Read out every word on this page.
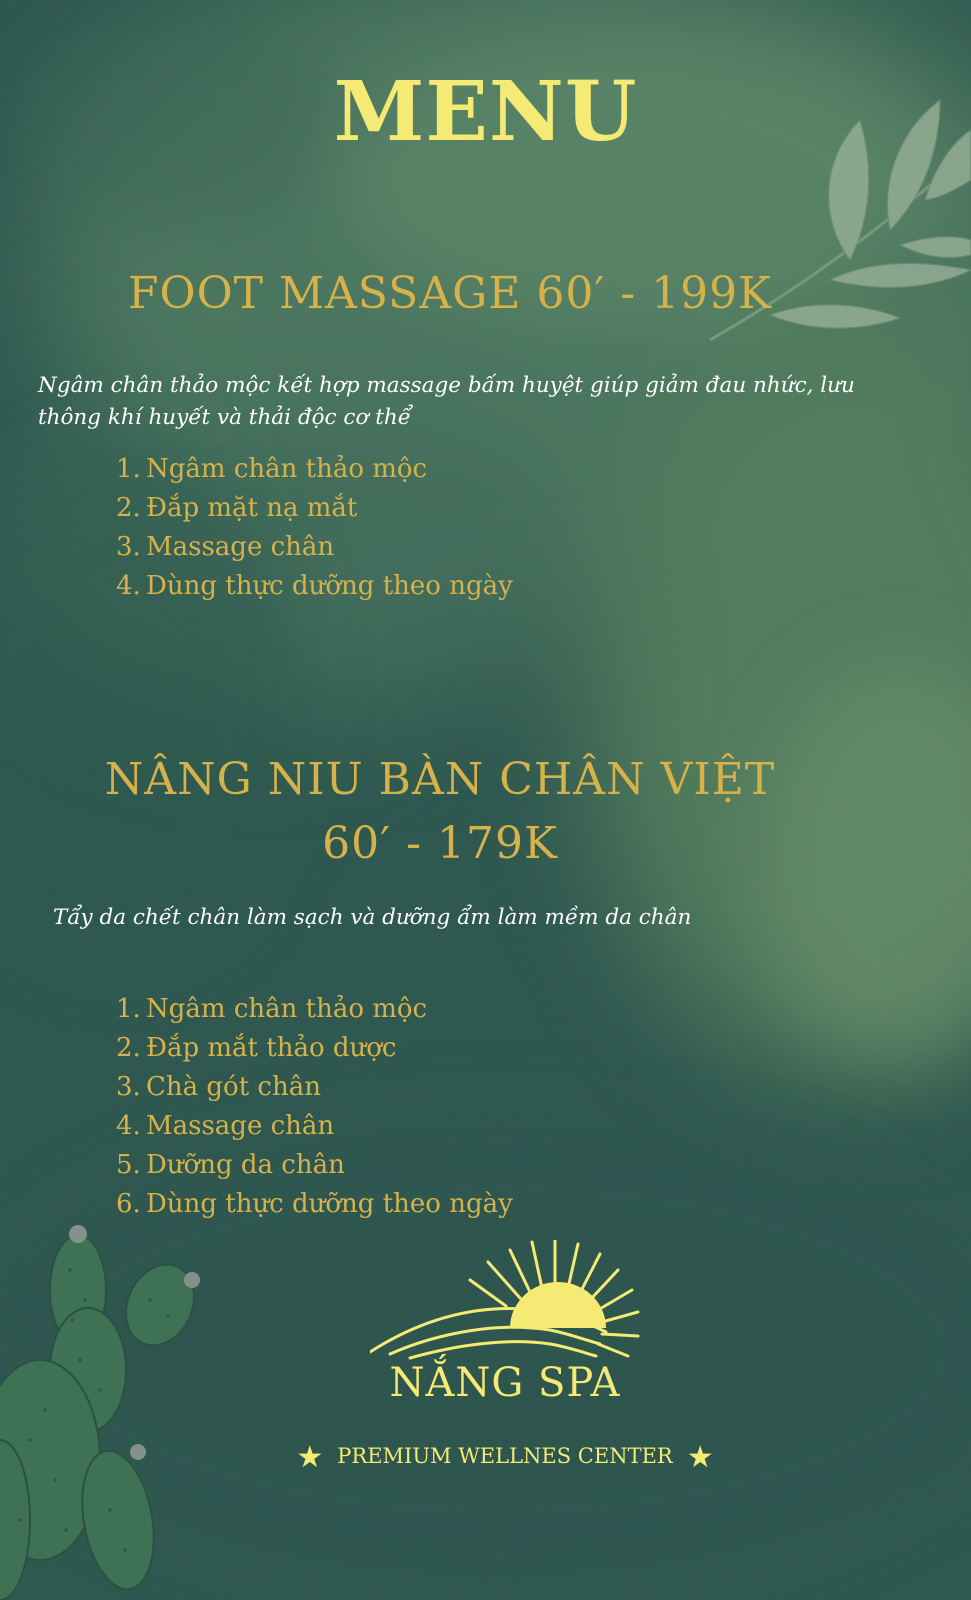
MENU
FOOT MASSAGE 60′ - 199K
Ngâm chân thảo mộc kết hợp massage bấm huyệt giúp giảm đau nhức, lưu
thông khí huyết và thải độc cơ thể
1. Ngâm chân thảo mộc
2. Đắp mặt nạ mắt
3. Massage chân
4. Dùng thực dưỡng theo ngày
NÂNG NIU BÀN CHÂN VIỆT
60′ - 179K
Tẩy da chết chân làm sạch và dưỡng ẩm làm mềm da chân
1. Ngâm chân thảo mộc
2. Đắp mắt thảo dược
3. Chà gót chân
4. Massage chân
5. Dưỡng da chân
6. Dùng thực dưỡng theo ngày
NẮNG SPA
★ PREMIUM WELLNES CENTER ★
